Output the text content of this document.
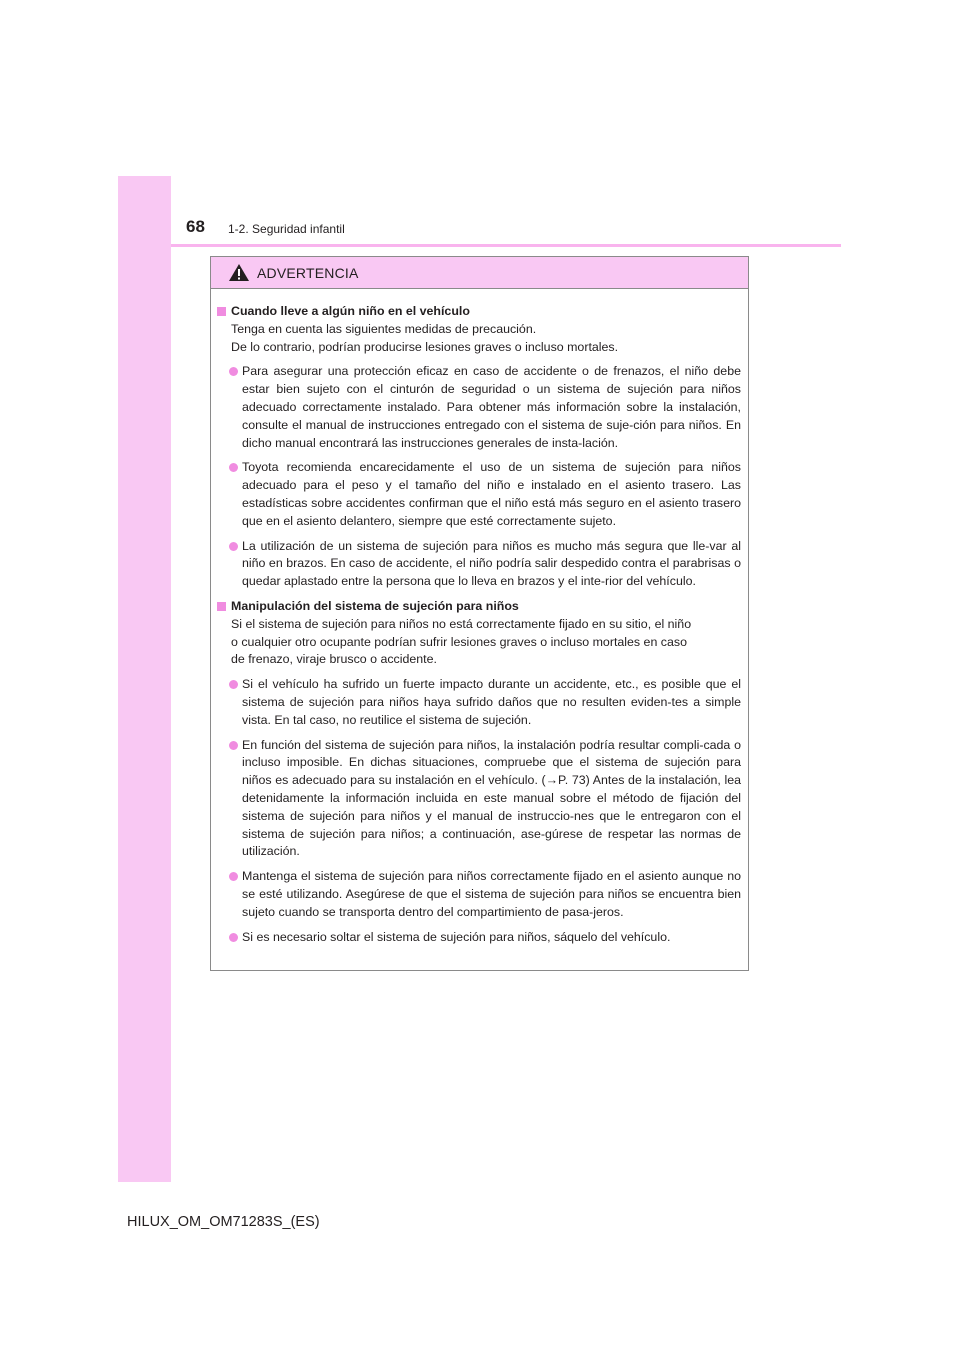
68 1-2. Seguridad infantil
ADVERTENCIA
Cuando lleve a algún niño en el vehículo
Tenga en cuenta las siguientes medidas de precaución.
De lo contrario, podrían producirse lesiones graves o incluso mortales.
Para asegurar una protección eficaz en caso de accidente o de frenazos, el niño debe estar bien sujeto con el cinturón de seguridad o un sistema de sujeción para niños adecuado correctamente instalado. Para obtener más información sobre la instalación, consulte el manual de instrucciones entregado con el sistema de suje-ción para niños. En dicho manual encontrará las instrucciones generales de insta-lación.
Toyota recomienda encarecidamente el uso de un sistema de sujeción para niños adecuado para el peso y el tamaño del niño e instalado en el asiento trasero. Las estadísticas sobre accidentes confirman que el niño está más seguro en el asiento trasero que en el asiento delantero, siempre que esté correctamente sujeto.
La utilización de un sistema de sujeción para niños es mucho más segura que lle-var al niño en brazos. En caso de accidente, el niño podría salir despedido contra el parabrisas o quedar aplastado entre la persona que lo lleva en brazos y el inte-rior del vehículo.
Manipulación del sistema de sujeción para niños
Si el sistema de sujeción para niños no está correctamente fijado en su sitio, el niño
o cualquier otro ocupante podrían sufrir lesiones graves o incluso mortales en caso
de frenazo, viraje brusco o accidente.
Si el vehículo ha sufrido un fuerte impacto durante un accidente, etc., es posible que el sistema de sujeción para niños haya sufrido daños que no resulten eviden-tes a simple vista. En tal caso, no reutilice el sistema de sujeción.
En función del sistema de sujeción para niños, la instalación podría resultar compli-cada o incluso imposible. En dichas situaciones, compruebe que el sistema de sujeción para niños es adecuado para su instalación en el vehículo. (→P. 73) Antes de la instalación, lea detenidamente la información incluida en este manual sobre el método de fijación del sistema de sujeción para niños y el manual de instruccio-nes que le entregaron con el sistema de sujeción para niños; a continuación, ase-gúrese de respetar las normas de utilización.
Mantenga el sistema de sujeción para niños correctamente fijado en el asiento aunque no se esté utilizando. Asegúrese de que el sistema de sujeción para niños se encuentra bien sujeto cuando se transporta dentro del compartimiento de pasa-jeros.
Si es necesario soltar el sistema de sujeción para niños, sáquelo del vehículo.
HILUX_OM_OM71283S_(ES)
